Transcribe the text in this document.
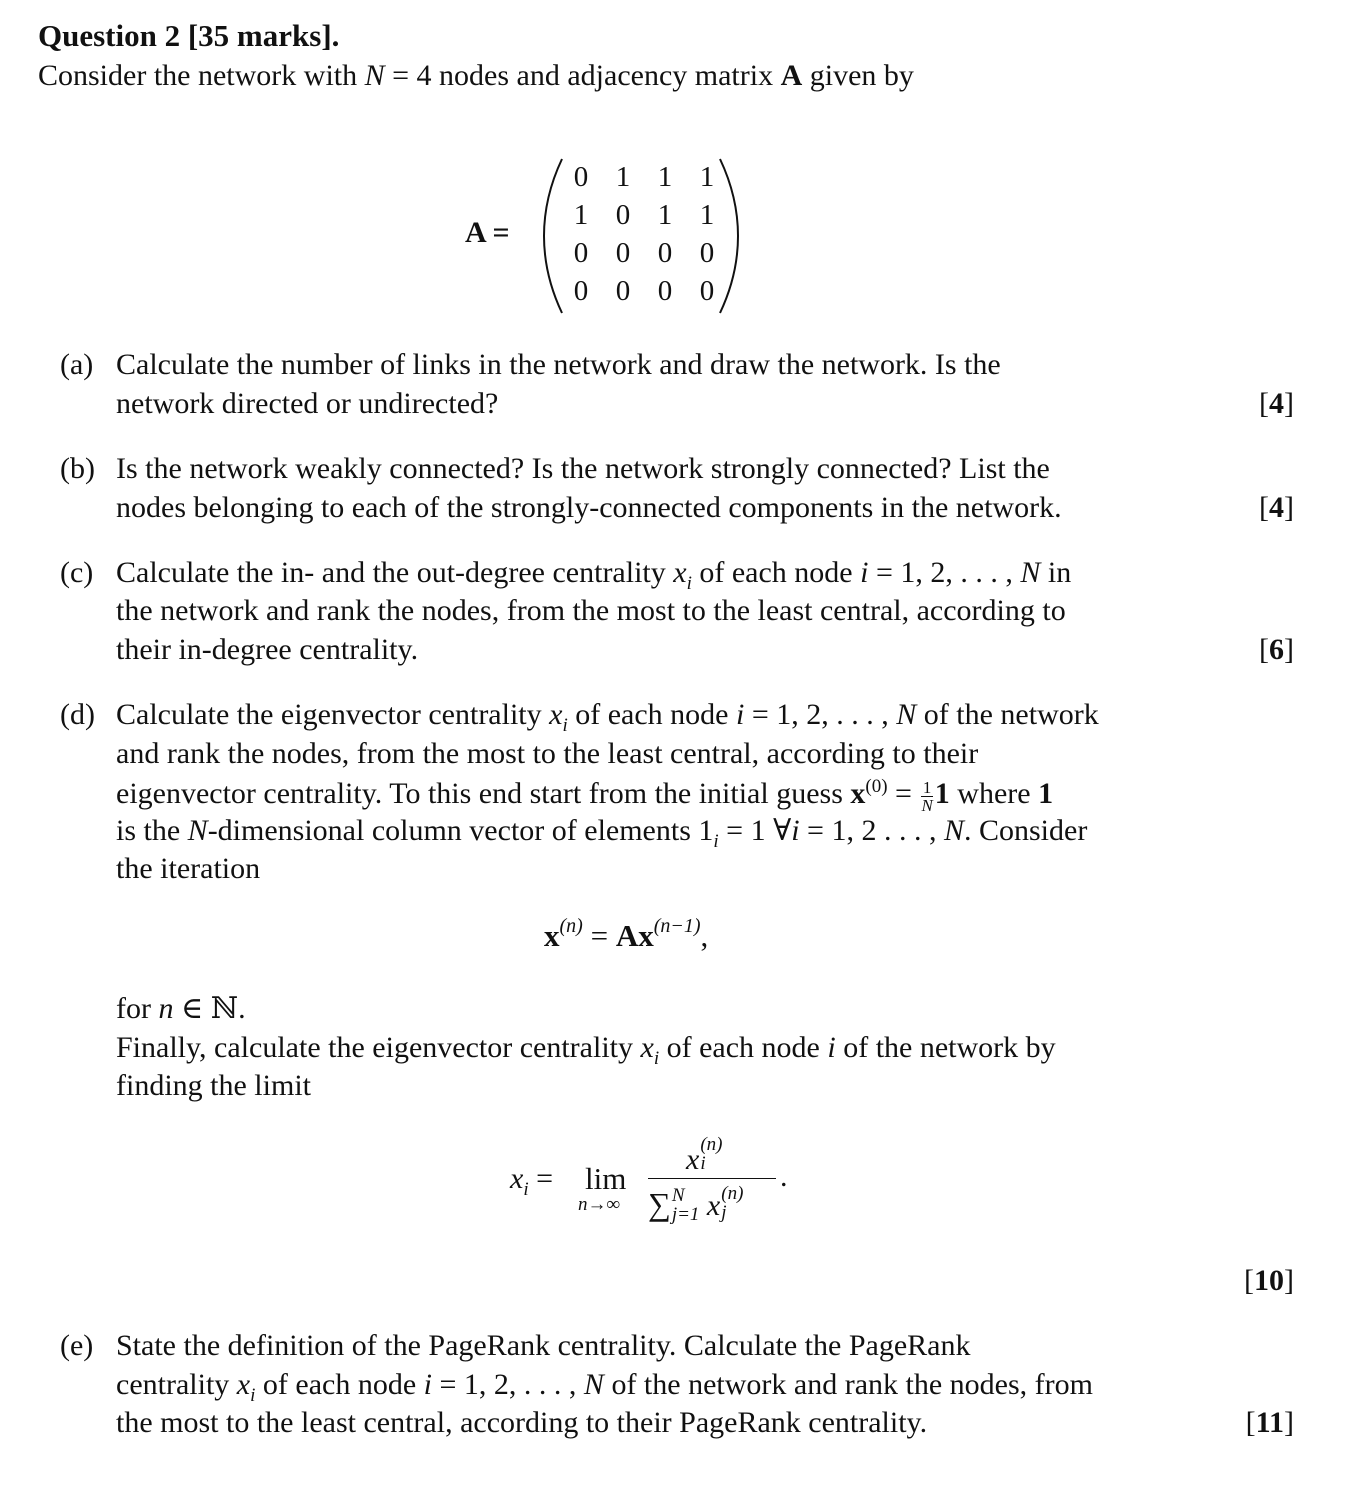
Question 2 [35 marks].
Consider the network with N = 4 nodes and adjacency matrix A given by
A =
0 1 1 1
1 0 1 1
0 0 0 0
0 0 0 0
(a) Calculate the number of links in the network and draw the network. Is the
network directed or undirected?	[4]
(b) Is the network weakly connected? Is the network strongly connected? List the
nodes belonging to each of the strongly-connected components in the network.	[4]
(c) Calculate the in- and the out-degree centrality $x_i$ of each node i = 1, 2, . . . , N in
the network and rank the nodes, from the most to the least central, according to
their in-degree centrality.	[6]
(d) Calculate the eigenvector centrality $x_i$ of each node i = 1, 2, . . . , N of the network
and rank the nodes, from the most to the least central, according to their
eigenvector centrality. To this end start from the initial guess $x^{(0)} = \frac{1}{N} 1$ where 1
is the N-dimensional column vector of elements $1_i = 1$ ∀i = 1, 2 . . . , N. Consider
the iteration
$x^{(n)} = Ax^{(n-1)}$,
for n ∈ ℕ.
Finally, calculate the eigenvector centrality $x_i$ of each node i of the network by
finding the limit
$x_i = \lim$
n→∞
x (n)
i
∑ N
j=1 x (n)
j
.
[10]
(e) State the definition of the PageRank centrality. Calculate the PageRank
centrality $x_i$ of each node i = 1, 2, . . . , N of the network and rank the nodes, from
the most to the least central, according to their PageRank centrality.	[11]
